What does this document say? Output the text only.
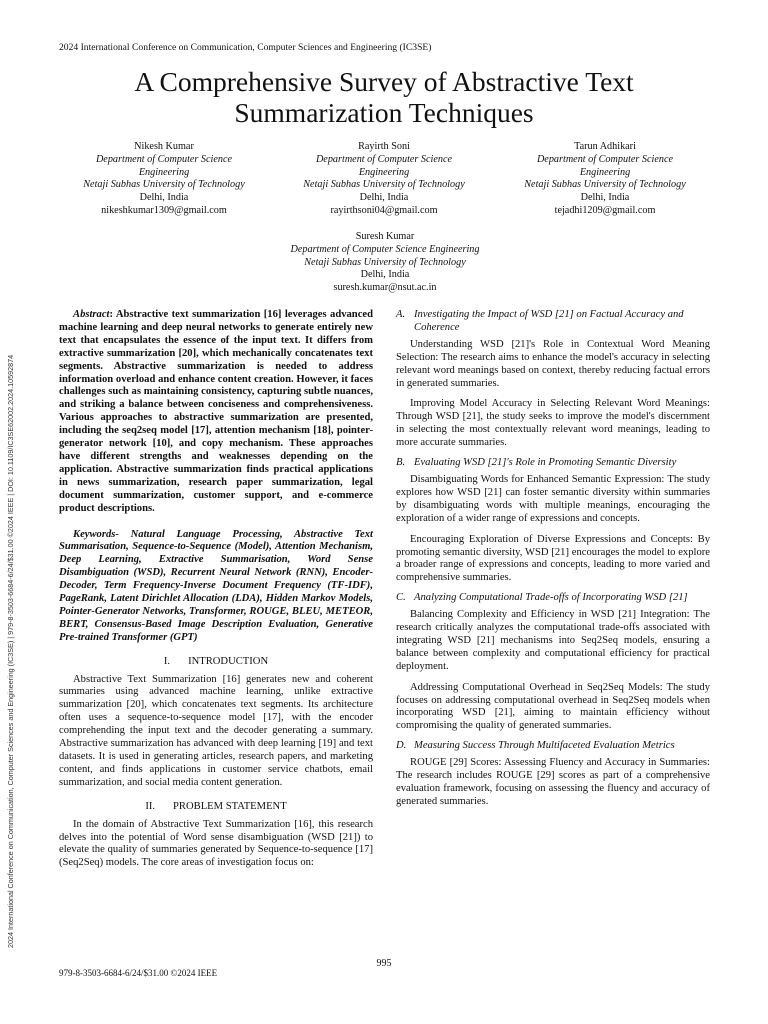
2024 International Conference on Communication, Computer Sciences and Engineering (IC3SE)
A Comprehensive Survey of Abstractive Text
Summarization Techniques
Nikesh Kumar
Department of Computer Science
Engineering
Netaji Subhas University of Technology
Delhi, India
nikeshkumar1309@gmail.com
Rayirth Soni
Department of Computer Science
Engineering
Netaji Subhas University of Technology
Delhi, India
rayirthsoni04@gmail.com
Tarun Adhikari
Department of Computer Science
Engineering
Netaji Subhas University of Technology
Delhi, India
tejadhi1209@gmail.com
Suresh Kumar
Department of Computer Science Engineering
Netaji Subhas University of Technology
Delhi, India
suresh.kumar@nsut.ac.in
2024 International Conference on Communication, Computer Sciences and Engineering (IC3SE) | 979-8-3503-6684-6/24/$31.00 ©2024 IEEE | DOI: 10.1109/IC3SE62002.2024.10592874

Abstract: Abstractive text summarization [16] leverages advanced machine learning and deep neural networks to generate entirely new text that encapsulates the essence of the input text. It differs from extractive summarization [20], which mechanically concatenates text segments. Abstractive summarization is needed to address information overload and enhance content creation. However, it faces challenges such as maintaining consistency, capturing subtle nuances, and striking a balance between conciseness and comprehensiveness. Various approaches to abstractive summarization are presented, including the seq2seq model [17], attention mechanism [18], pointer-generator network [10], and copy mechanism. These approaches have different strengths and weaknesses depending on the application. Abstractive summarization finds practical applications in news summarization, research paper summarization, legal document summarization, customer support, and e-commerce product descriptions.

Keywords- Natural Language Processing, Abstractive Text Summarisation, Sequence-to-Sequence (Model), Attention Mechanism, Deep Learning, Extractive Summarisation, Word Sense Disambiguation (WSD), Recurrent Neural Network (RNN), Encoder-Decoder, Term Frequency-Inverse Document Frequency (TF-IDF), PageRank, Latent Dirichlet Allocation (LDA), Hidden Markov Models, Pointer-Generator Networks, Transformer, ROUGE, BLEU, METEOR, BERT, Consensus-Based Image Description Evaluation, Generative Pre-trained Transformer (GPT)

I. INTRODUCTION

Abstractive Text Summarization [16] generates new and coherent summaries using advanced machine learning, unlike extractive summarization [20], which concatenates text segments. Its architecture often uses a sequence-to-sequence model [17], with the encoder comprehending the input text and the decoder generating a summary. Abstractive summarization has advanced with deep learning [19] and text datasets. It is used in generating articles, research papers, and marketing content, and finds applications in customer service chatbots, email summarization, and social media content generation.

II. PROBLEM STATEMENT

In the domain of Abstractive Text Summarization [16], this research delves into the potential of Word sense disambiguation (WSD [21]) to elevate the quality of summaries generated by Sequence-to-sequence [17] (Seq2Seq) models. The core areas of investigation focus on:

A. Investigating the Impact of WSD [21] on Factual Accuracy and Coherence

Understanding WSD [21]'s Role in Contextual Word Meaning Selection: The research aims to enhance the model's accuracy in selecting relevant word meanings based on context, thereby reducing factual errors in generated summaries.

Improving Model Accuracy in Selecting Relevant Word Meanings: Through WSD [21], the study seeks to improve the model's discernment in selecting the most contextually relevant word meanings, leading to more accurate summaries.

B. Evaluating WSD [21]'s Role in Promoting Semantic Diversity

Disambiguating Words for Enhanced Semantic Expression: The study explores how WSD [21] can foster semantic diversity within summaries by disambiguating words with multiple meanings, encouraging the exploration of a wider range of expressions and concepts.

Encouraging Exploration of Diverse Expressions and Concepts: By promoting semantic diversity, WSD [21] encourages the model to explore a broader range of expressions and concepts, leading to more varied and comprehensive summaries.

C. Analyzing Computational Trade-offs of Incorporating WSD [21]

Balancing Complexity and Efficiency in WSD [21] Integration: The research critically analyzes the computational trade-offs associated with integrating WSD [21] mechanisms into Seq2Seq models, ensuring a balance between complexity and computational efficiency for practical deployment.

Addressing Computational Overhead in Seq2Seq Models: The study focuses on addressing computational overhead in Seq2Seq models when incorporating WSD [21], aiming to maintain efficiency without compromising the quality of generated summaries.

D. Measuring Success Through Multifaceted Evaluation Metrics

ROUGE [29] Scores: Assessing Fluency and Accuracy in Summaries: The research includes ROUGE [29] scores as part of a comprehensive evaluation framework, focusing on assessing the fluency and accuracy of generated summaries.

995
979-8-3503-6684-6/24/$31.00 ©2024 IEEE
